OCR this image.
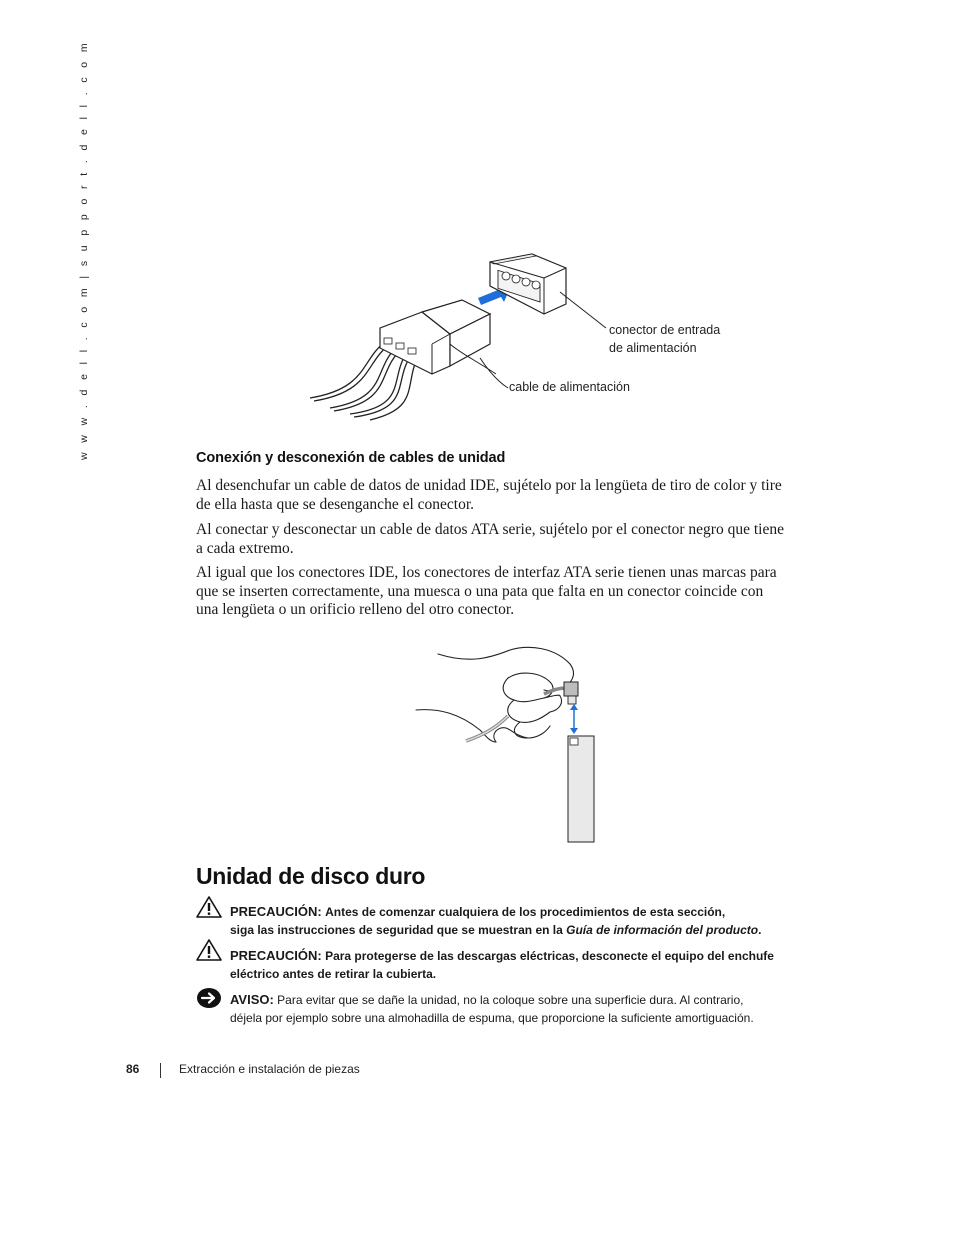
w w w . d e l l . c o m | s u p p o r t . d e l l . c o m	conector de entrada
de alimentación
cable de alimentación
Conexión y desconexión de cables de unidad
Al desenchufar un cable de datos de unidad IDE, sujételo por la lengüeta de tiro de color y tire
de ella hasta que se desenganche el conector.
Al conectar y desconectar un cable de datos ATA serie, sujételo por el conector negro que tiene
a cada extremo.
Al igual que los conectores IDE, los conectores de interfaz ATA serie tienen unas marcas para
que se inserten correctamente, una muesca o una pata que falta en un conector coincide con
una lengüeta o un orificio relleno del otro conector.
Unidad de disco duro
PRECAUCIÓN: Antes de comenzar cualquiera de los procedimientos de esta sección,
siga las instrucciones de seguridad que se muestran en la Guía de información del producto.
PRECAUCIÓN: Para protegerse de las descargas eléctricas, desconecte el equipo del enchufe
eléctrico antes de retirar la cubierta.
AVISO: Para evitar que se dañe la unidad, no la coloque sobre una superficie dura. Al contrario,
déjela por ejemplo sobre una almohadilla de espuma, que proporcione la suficiente amortiguación.
86	Extracción e instalación de piezas
